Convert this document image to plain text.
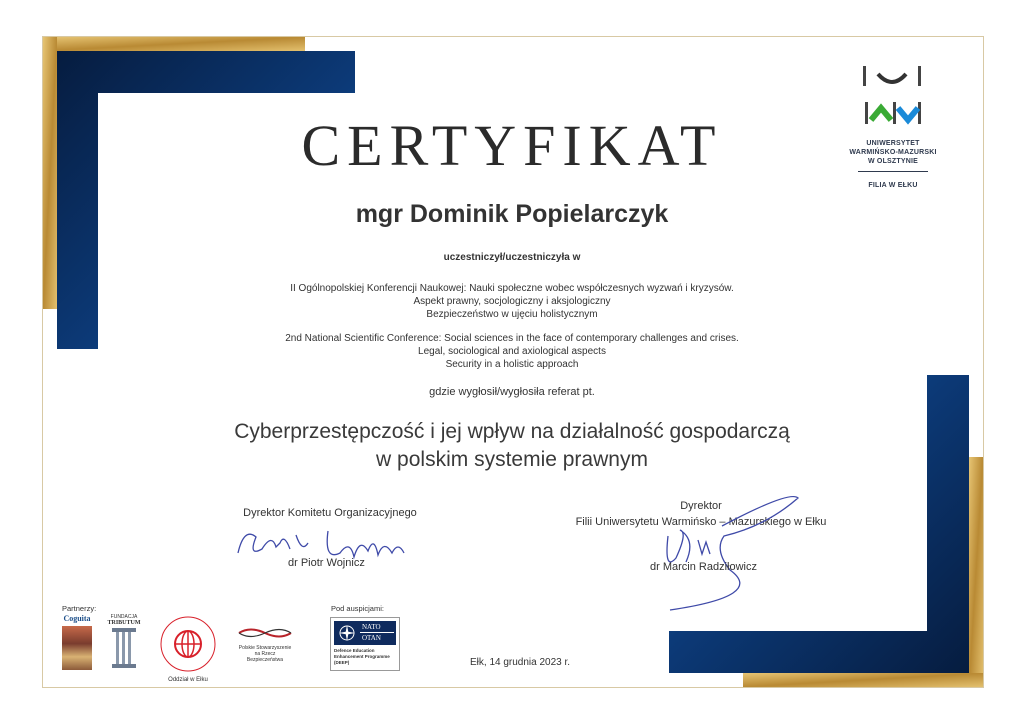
UNIWERSYTET
WARMIŃSKO-MAZURSKI
W OLSZTYNIE
FILIA W EŁKU
CERTYFIKAT
mgr Dominik Popielarczyk
uczestniczył/uczestniczyła w
II Ogólnopolskiej Konferencji Naukowej: Nauki społeczne wobec współczesnych wyzwań i kryzysów.
Aspekt prawny, socjologiczny i aksjologiczny
Bezpieczeństwo w ujęciu holistycznym
2nd National Scientific Conference: Social sciences in the face of contemporary challenges and crises.
Legal, sociological and axiological aspects
Security in a holistic approach
gdzie wygłosił/wygłosiła referat pt.
Cyberprzestępczość i jej wpływ na działalność gospodarczą
w polskim systemie prawnym
Dyrektor Komitetu Organizacyjnego
dr Piotr Wojnicz
Dyrektor
Filii Uniwersytetu Warmińsko – Mazurskiego w Ełku
dr Marcin Radziłowicz
Partnerzy:
Coguita	FUNDACJA
TRIBUTUM
Oddział w Ełku
Polskie Stowarzyszenie
na Rzecz
Bezpieczeństwa
Pod auspicjami:
NATO
OTAN
Defence Education
Enhancement Programme
(DEEP)	Ełk, 14 grudnia 2023 r.
